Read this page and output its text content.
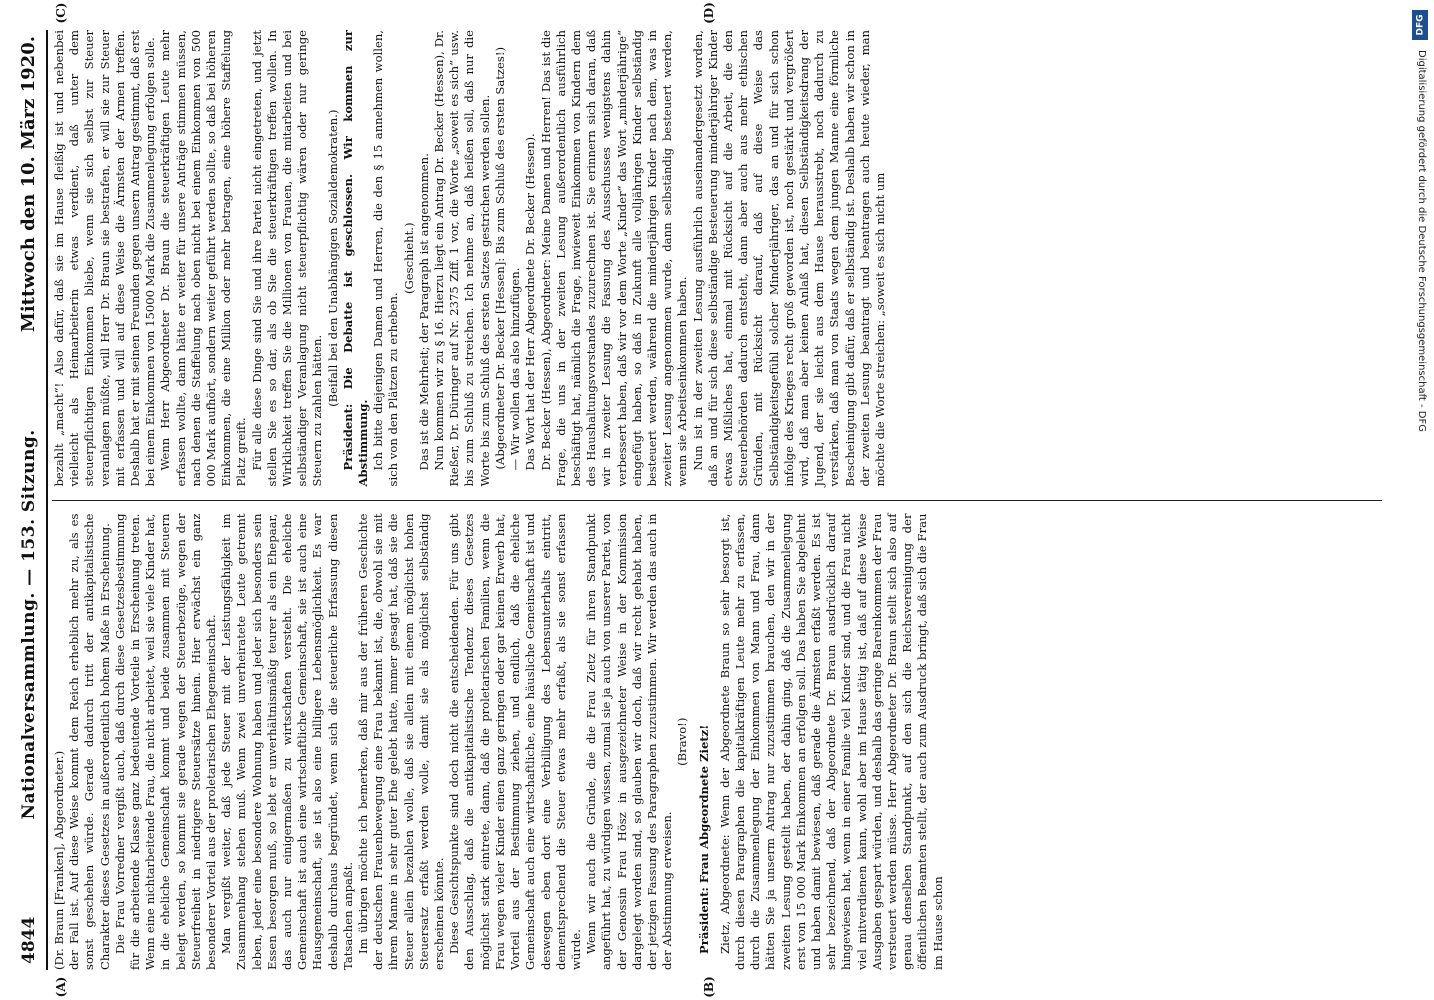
4844
Nationalversammlung. — 153. Sitzung.
Mittwoch den 10. März 1920.
(A)	(B)

(Dr. Braun [Franken], Abgeordneter.) der Fall ist. Auf diese Weise kommt dem Reich erheblich mehr zu, als es sonst geschehen würde. Gerade dadurch tritt der antikapitalistische Charakter dieses Gesetzes in außerordentlich hohem Maße in Erscheinung. Die Frau Vorredner vergißt auch, daß durch diese Gesetzesbestimmung für die arbeitende Klasse ganz bedeutende Vorteile in Erscheinung treten. Wenn eine nichtarbeitende Frau, die nicht arbeitet, weil sie viele Kinder hat, in die eheliche Gemeinschaft kommt und beide zusammen mit Steuern belegt werden, so kommt sie gerade wegen der Steuerbezüge, wegen der Steuerfreiheit in niedrigere Steuersätze hinein. Hier erwächst ein ganz besonderer Vorteil aus der proletarischen Ehegemeinschaft. Man vergißt weiter, daß jede Steuer mit der Leistungsfähigkeit im Zusammenhang stehen muß. Wenn zwei unverheiratete Leute getrennt leben, jeder eine besondere Wohnung haben und jeder sich besonders sein Essen besorgen muß, so lebt er unverhältnismäßig teurer als ein Ehepaar, das auch nur einigermaßen zu wirtschaften versteht. Die eheliche Gemeinschaft ist auch eine wirtschaftliche Gemeinschaft, sie ist auch eine Hausgemeinschaft, sie ist also eine billigere Lebensmöglichkeit. Es war deshalb durchaus begründet, wenn sich die steuerliche Erfassung diesen Tatsachen anpaßt. Im übrigen möchte ich bemerken, daß mir aus der früheren Geschichte der deutschen Frauenbewegung eine Frau bekannt ist, die, obwohl sie mit ihrem Manne in sehr guter Ehe gelebt hatte, immer gesagt hat, daß sie die Steuer allein bezahlen wolle, daß sie allein mit einem möglichst hohen Steuersatz erfaßt werden wolle, damit sie als möglichst selbständig erscheinen könnte. Diese Gesichtspunkte sind doch nicht die entscheidenden. Für uns gibt den Ausschlag, daß die antikapitalistische Tendenz dieses Gesetzes möglichst stark eintrete, dann, daß die proletarischen Familien, wenn die Frau wegen vieler Kinder einen ganz geringen oder gar keinen Erwerb hat, Vorteil aus der Bestimmung ziehen, und endlich, daß die eheliche Gemeinschaft auch eine wirtschaftliche, eine häusliche Gemeinschaft ist und deswegen eben dort eine Verbilligung des Lebensunterhalts eintritt, dementsprechend die Steuer etwas mehr erfaßt, als sie sonst erfassen würde. Wenn wir auch die Gründe, die die Frau Zietz für ihren Standpunkt angeführt hat, zu würdigen wissen, zumal sie ja auch von unserer Partei, von der Genossin Frau Hösz in ausgezeichneter Weise in der Kommission dargelegt worden sind, so glauben wir doch, daß wir recht gehabt haben, der jetzigen Fassung des Paragraphen zuzustimmen. Wir werden das auch in der Abstimmung erweisen.

(Bravo!) Präsident: Frau Abgeordnete Zietz! Zietz, Abgeordnete: Wenn der Abgeordnete Braun so sehr besorgt ist, durch diesen Paragraphen die kapitalkräftigen Leute mehr zu erfassen, durch die Zusammenlegung der Einkommen von Mann und Frau, dann hätten Sie ja unserm Antrag nur zuzustimmen brauchen, den wir in der zweiten Lesung gestellt haben, der dahin ging, daß die Zusammenlegung erst von 15 000 Mark Einkommen an erfolgen soll. Das haben Sie abgelehnt und haben damit bewiesen, daß gerade die Ärmsten erfaßt werden. Es ist sehr bezeichnend, daß der Abgeordnete Dr. Braun ausdrücklich darauf hingewiesen hat, wenn in einer Familie viel Kinder sind, und die Frau nicht viel mitverdienen kann, wohl aber im Hause tätig ist, daß auf diese Weise Ausgaben gespart würden, und deshalb das geringe Bareinkommen der Frau versteuert werden müsse. Herr Abgeordneter Dr. Braun stellt sich also auf genau denselben Standpunkt, auf den sich die Reichsvereinigung der öffentlichen Beamten stellt, der auch zum Ausdruck bringt, daß sich die Frau im Hause schon

(C)	(D)

bezahlt „macht“! Also dafür, daß sie im Hause fleißig ist und nebenbei vielleicht als Heimarbeiterin etwas verdient, daß unter dem steuerpflichtigen Einkommen bliebe, wenn sie sich selbst zur Steuer veranlagen müßte, will Herr Dr. Braun sie bestrafen, er will sie zur Steuer mit erfassen und will auf diese Weise die Ärmsten der Armen treffen. Deshalb hat er mit seinen Freunden gegen unsern Antrag gestimmt, daß erst bei einem Einkommen von 15000 Mark die Zusammenlegung erfolgen solle. Wenn Herr Abgeordneter Dr. Braun die steuerkräftigen Leute mehr erfassen wollte, dann hätte er weiter für unsere Anträge stimmen müssen, nach denen die Staffelung nach oben nicht bei einem Einkommen von 500 000 Mark aufhört, sondern weiter geführt werden sollte, so daß bei höheren Einkommen, die eine Million oder mehr betragen, eine höhere Staffelung Platz greift. Für alle diese Dinge sind Sie und ihre Partei nicht eingetreten, und jetzt stellen Sie es so dar, als ob Sie die steuerkräftigen treffen wollen. In Wirklichkeit treffen Sie die Millionen von Frauen, die mitarbeiten und bei selbständiger Veranlagung nicht steuerpflichtig wären oder nur geringe Steuern zu zahlen hätten.

(Beifall bei den Unabhängigen Sozialdemokraten.) Präsident: Die Debatte ist geschlossen. Wir kommen zur Abstimmung. Ich bitte diejenigen Damen und Herren, die den § 15 annehmen wollen, sich von den Plätzen zu erheben.

(Geschieht.) Das ist die Mehrheit; der Paragraph ist angenommen. Nun kommen wir zu § 16. Hierzu liegt ein Antrag Dr. Becker (Hessen), Dr. Rießer, Dr. Düringer auf Nr. 2375 Ziff. 1 vor, die Worte „soweit es sich“ usw. bis zum Schluß zu streichen. Ich nehme an, daß heißen soll, daß nur die Worte bis zum Schluß des ersten Satzes gestrichen werden sollen. (Abgeordneter Dr. Becker [Hessen]: Bis zum Schluß des ersten Satzes!) — Wir wollen das also hinzufügen. Das Wort hat der Herr Abgeordnete Dr. Becker (Hessen). Dr. Becker (Hessen), Abgeordneter: Meine Damen und Herren! Das ist die Frage, die uns in der zweiten Lesung außerordentlich ausführlich beschäftigt hat, nämlich die Frage, inwieweit Einkommen von Kindern dem des Haushaltungsvorstandes zuzurechnen ist. Sie erinnern sich daran, daß wir in zweiter Lesung die Fassung des Ausschusses wenigstens dahin verbessert haben, daß wir vor dem Worte „Kinder“ das Wort „minderjährige“ eingefügt haben, so daß in Zukunft alle volljährigen Kinder selbständig besteuert werden, während die minderjährigen Kinder nach dem, was in zweiter Lesung angenommen wurde, dann selbständig besteuert werden, wenn sie Arbeitseinkommen haben. Nun ist in der zweiten Lesung ausführlich auseinandergesetzt worden, daß an und für sich diese selbständige Besteuerung minderjähriger Kinder etwas Mißliches hat, einmal mit Rücksicht auf die Arbeit, die den Steuerbehörden dadurch entsteht, dann aber auch aus mehr ethischen Gründen, mit Rücksicht darauf, daß auf diese Weise das Selbständigkeitsgefühl solcher Minderjähriger, das an und für sich schon infolge des Krieges recht groß geworden ist, noch gestärkt und vergrößert wird, daß man aber keinen Anlaß hat, diesen Selbständigkeitsdrang der Jugend, der sie leicht aus dem Hause herausstrebt, noch dadurch zu verstärken, daß man von Staats wegen dem jungen Manne eine förmliche Bescheinigung gibt dafür, daß er selbständig ist. Deshalb haben wir schon in der zweiten Lesung beantragt und beantragen auch heute wieder, man möchte die Worte streichen: „soweit es sich nicht um

DFG
Digitalisierung gefördert durch die Deutsche Forschungsgemeinschaft - DFG
